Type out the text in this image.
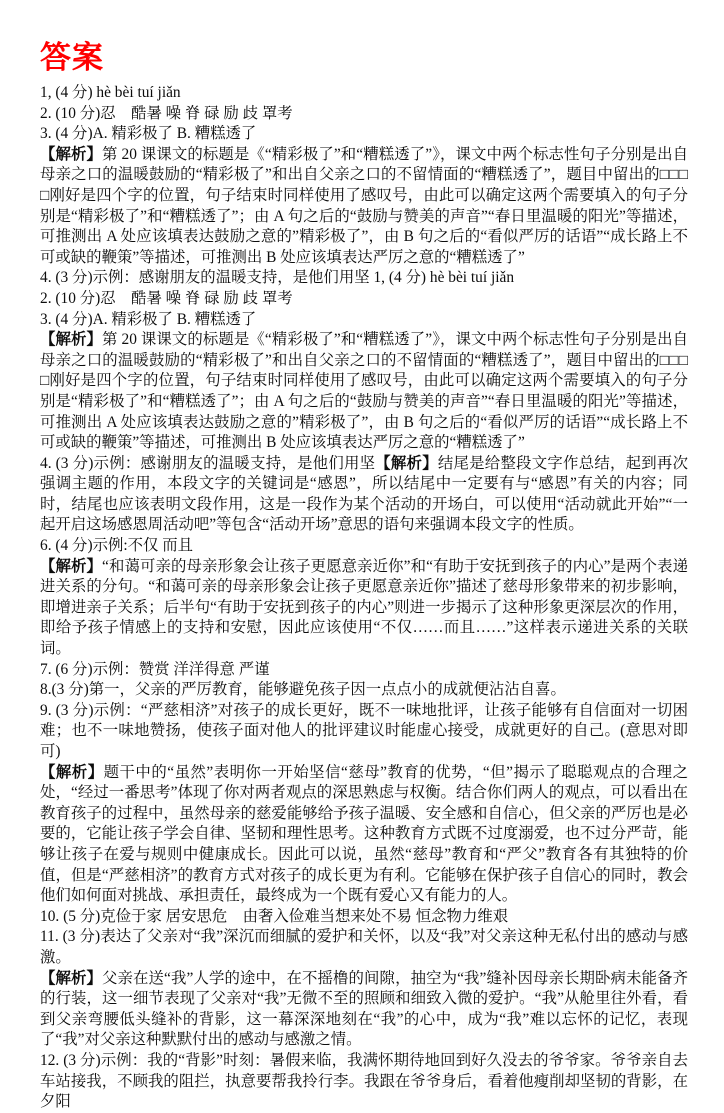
答案

1, (4 分) hè bèi tuí jiǎn

2. (10 分)忍　酷暑 噪 脊 碌 励 歧 罩考

3. (4 分)A. 精彩极了 B. 糟糕透了

【解析】第 20 课课文的标题是《“精彩极了”和“糟糕透了”》，课文中两个标志性句子分别是出自母亲之口的温暖鼓励的“精彩极了”和出自父亲之口的不留情面的“糟糕透了”，题目中留出的□□□□刚好是四个字的位置，句子结束时同样使用了感叹号，由此可以确定这两个需要填入的句子分别是“精彩极了”和“糟糕透了”；由 A 句之后的“鼓励与赞美的声音”“春日里温暖的阳光”等描述，可推测出 A 处应该填表达鼓励之意的”精彩极了”，由 B 句之后的“看似严厉的话语”“成长路上不可或缺的鞭策”等描述，可推测出 B 处应该填表达严厉之意的“糟糕透了”

4. (3 分)示例：感谢朋友的温暖支持，是他们用坚 1, (4 分) hè bèi tuí jiǎn

2. (10 分)忍　酷暑 噪 脊 碌 励 歧 罩考

3. (4 分)A. 精彩极了 B. 糟糕透了

【解析】第 20 课课文的标题是《“精彩极了”和“糟糕透了”》，课文中两个标志性句子分别是出自母亲之口的温暖鼓励的“精彩极了”和出自父亲之口的不留情面的“糟糕透了”，题目中留出的□□□□刚好是四个字的位置，句子结束时同样使用了感叹号，由此可以确定这两个需要填入的句子分别是“精彩极了”和“糟糕透了”；由 A 句之后的“鼓励与赞美的声音”“春日里温暖的阳光”等描述，可推测出 A 处应该填表达鼓励之意的”精彩极了”，由 B 句之后的“看似严厉的话语”“成长路上不可或缺的鞭策”等描述，可推测出 B 处应该填表达严厉之意的“糟糕透了”

4. (3 分)示例：感谢朋友的温暖支持，是他们用坚【解析】结尾是给整段文字作总结，起到再次强调主题的作用，本段文字的关键词是“感恩”，所以结尾中一定要有与“感恩”有关的内容；同时，结尾也应该表明文段作用，这是一段作为某个活动的开场白，可以使用“活动就此开始”“一起开启这场感恩周活动吧”等包含“活动开场”意思的语句来强调本段文字的性质。

6. (4 分)示例:不仅 而且

【解析】“和蔼可亲的母亲形象会让孩子更愿意亲近你”和“有助于安抚到孩子的内心”是两个表递进关系的分句。“和蔼可亲的母亲形象会让孩子更愿意亲近你”描述了慈母形象带来的初步影响，即增进亲子关系；后半句“有助于安抚到孩子的内心”则进一步揭示了这种形象更深层次的作用，即给予孩子情感上的支持和安慰，因此应该使用“不仅……而且……”这样表示递进关系的关联词。

7. (6 分)示例：赞赏 洋洋得意 严谨

8.(3 分)第一，父亲的严厉教育，能够避免孩子因一点点小的成就便沾沾自喜。

9. (3 分)示例：“严慈相济”对孩子的成长更好，既不一味地批评，让孩子能够有自信面对一切困难；也不一味地赞扬，使孩子面对他人的批评建议时能虚心接受，成就更好的自己。(意思对即可)

【解析】题干中的“虽然”表明你一开始坚信“慈母”教育的优势，“但”揭示了聪聪观点的合理之处，“经过一番思考”体现了你对两者观点的深思熟虑与权衡。结合你们两人的观点，可以看出在教育孩子的过程中，虽然母亲的慈爱能够给予孩子温暖、安全感和自信心，但父亲的严厉也是必要的，它能让孩子学会自律、坚韧和理性思考。这种教育方式既不过度溺爱，也不过分严苛，能够让孩子在爱与规则中健康成长。因此可以说，虽然“慈母”教育和“严父”教育各有其独特的价值，但是“严慈相济”的教育方式对孩子的成长更为有利。它能够在保护孩子自信心的同时，教会他们如何面对挑战、承担责任，最终成为一个既有爱心又有能力的人。

10. (5 分)克俭于家 居安思危　由奢入俭难当想来处不易 恒念物力维艰

11. (3 分)表达了父亲对“我”深沉而细腻的爱护和关怀，以及“我”对父亲这种无私付出的感动与感激。

【解析】父亲在送“我”人学的途中，在不摇橹的间隙，抽空为“我”缝补因母亲长期卧病未能备齐的行装，这一细节表现了父亲对“我”无微不至的照顾和细致入微的爱护。“我”从舱里往外看，看到父亲弯腰低头缝补的背影，这一幕深深地刻在“我”的心中，成为“我”难以忘怀的记忆，表现了“我”对父亲这种默默付出的感动与感激之情。

12. (3 分)示例：我的“背影”时刻：暑假来临，我满怀期待地回到好久没去的爷爷家。爷爷亲自去车站接我，不顾我的阻拦，执意要帮我拎行李。我跟在爷爷身后，看着他瘦削却坚韧的背影，在夕阳
